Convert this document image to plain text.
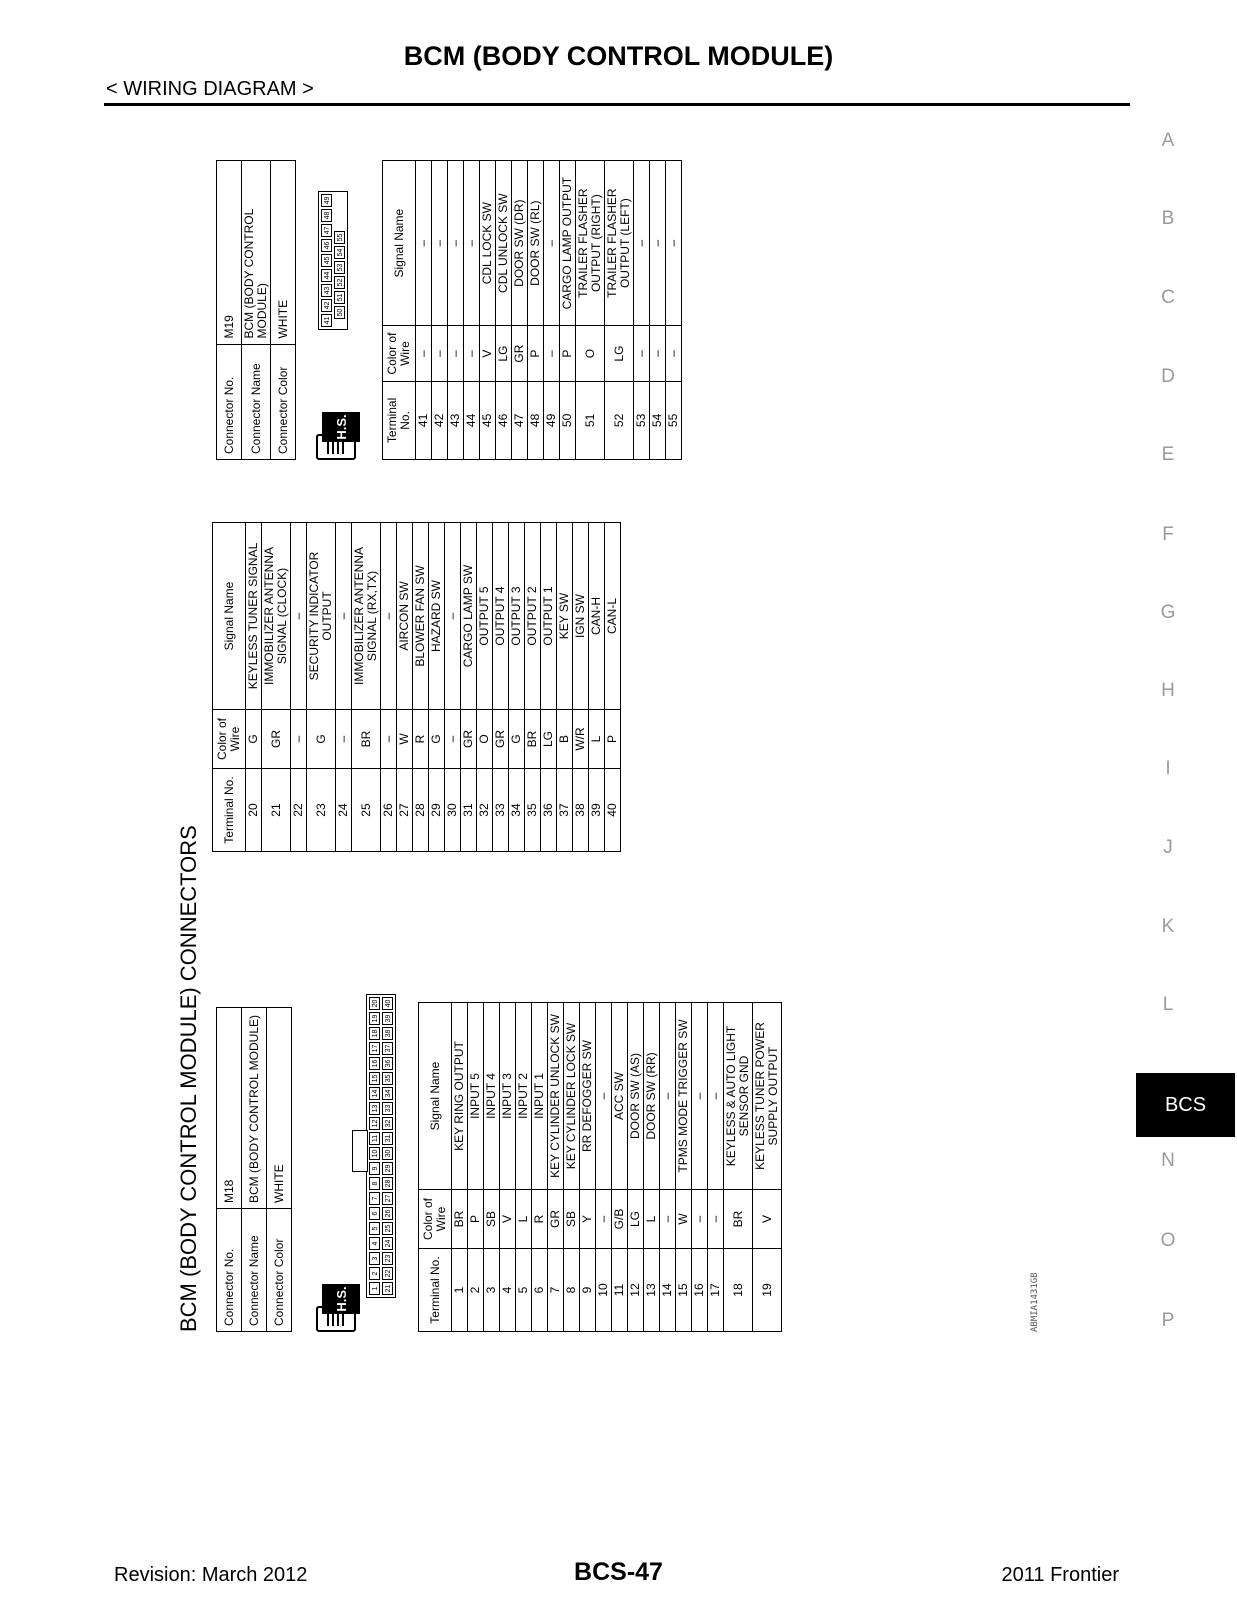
BCM (BODY CONTROL MODULE)
< WIRING DIAGRAM >
A
B
C
D
E
F
G
H
I
J
K
L
N
O
P
BCS
BCM (BODY CONTROL MODULE) CONNECTORS Connector No.	M18
Connector Name	BCM (BODY CONTROL MODULE)
Connector Color	WHITE
H.S.	1
2
3
4
5
6
7
8
9
10
11
12
13
14
15
16
17
18
19
20
21
22
23
24
25
26
27
28
29
30
31
32
33
34
35
36
37
38
39
40
Terminal No.	Color of Wire	Signal Name
1	BR	KEY RING OUTPUT
2	P	INPUT 5
3	SB	INPUT 4
4	V	INPUT 3
5	L	INPUT 2
6	R	INPUT 1
7	GR	KEY CYLINDER UNLOCK SW
8	SB	KEY CYLINDER LOCK SW
9	Y	RR DEFOGGER SW
10	–	–
11	G/B	ACC SW
12	LG	DOOR SW (AS)
13	L	DOOR SW (RR)
14	–	–
15	W	TPMS MODE TRIGGER SW
16	–	–
17	–	–
18	BR	KEYLESS & AUTO LIGHT SENSOR GND
19	V	KEYLESS TUNER POWER SUPPLY OUTPUT
Terminal No.	Color of Wire	Signal Name
20	G	KEYLESS TUNER SIGNAL
21	GR	IMMOBILIZER ANTENNA SIGNAL (CLOCK)
22	–	–
23	G	SECURITY INDICATOR OUTPUT
24	–	–
25	BR	IMMOBILIZER ANTENNA SIGNAL (RX,TX)
26	–	–
27	W	AIRCON SW
28	R	BLOWER FAN SW
29	G	HAZARD SW
30	–	–
31	GR	CARGO LAMP SW
32	O	OUTPUT 5
33	GR	OUTPUT 4
34	G	OUTPUT 3
35	BR	OUTPUT 2
36	LG	OUTPUT 1
37	B	KEY SW
38	W/R	IGN SW
39	L	CAN-H
40	P	CAN-L
Connector No.	M19
Connector Name	BCM (BODY CONTROL MODULE)
Connector Color	WHITE
H.S.
41
42
43
44
45
46
47
48
49
50
51
52
53
54
55
Terminal No.	Color of Wire	Signal Name
41	–	–
42	–	–
43	–	–
44	–	–
45	V	CDL LOCK SW
46	LG	CDL UNLOCK SW
47	GR	DOOR SW (DR)
48	P	DOOR SW (RL)
49	–	–
50	P	CARGO LAMP OUTPUT
51	O	TRAILER FLASHER OUTPUT (RIGHT)
52	LG	TRAILER FLASHER OUTPUT (LEFT)
53	–	–
54	–	–
55	–	–
ABMIA1431GB
Revision: March 2012	BCS-47	2011 Frontier
